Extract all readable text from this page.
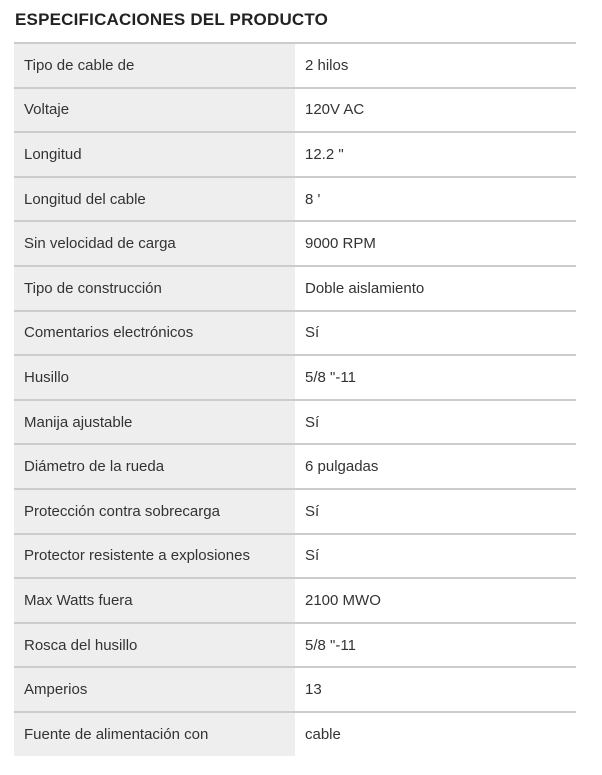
ESPECIFICACIONES DEL PRODUCTO
Tipo de cable de	2 hilos
Voltaje	120V AC
Longitud	12.2 "
Longitud del cable	8 '
Sin velocidad de carga	9000 RPM
Tipo de construcción	Doble aislamiento
Comentarios electrónicos	Sí
Husillo	5/8 "-11
Manija ajustable	Sí
Diámetro de la rueda	6 pulgadas
Protección contra sobrecarga	Sí
Protector resistente a explosiones	Sí
Max Watts fuera	2100 MWO
Rosca del husillo	5/8 "-11
Amperios	13
Fuente de alimentación con	cable
